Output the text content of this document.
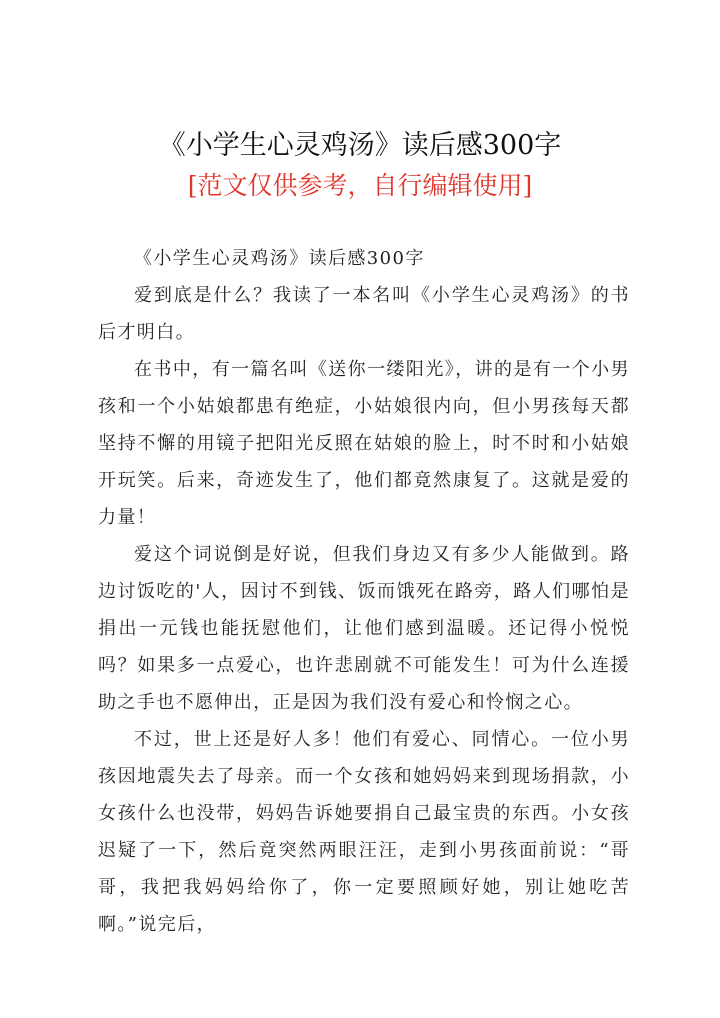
《小学生心灵鸡汤》读后感300字
[范文仅供参考，自行编辑使用]

《小学生心灵鸡汤》读后感300字

爱到底是什么？我读了一本名叫《小学生心灵鸡汤》的书后才明白。

在书中，有一篇名叫《送你一缕阳光》，讲的是有一个小男孩和一个小姑娘都患有绝症，小姑娘很内向，但小男孩每天都坚持不懈的用镜子把阳光反照在姑娘的脸上，时不时和小姑娘开玩笑。后来，奇迹发生了，他们都竟然康复了。这就是爱的力量！

爱这个词说倒是好说，但我们身边又有多少人能做到。路边讨饭吃的'人，因讨不到钱、饭而饿死在路旁，路人们哪怕是捐出一元钱也能抚慰他们，让他们感到温暖。还记得小悦悦吗？如果多一点爱心，也许悲剧就不可能发生！可为什么连援助之手也不愿伸出，正是因为我们没有爱心和怜悯之心。

不过，世上还是好人多！他们有爱心、同情心。一位小男孩因地震失去了母亲。而一个女孩和她妈妈来到现场捐款，小女孩什么也没带，妈妈告诉她要捐自己最宝贵的东西。小女孩迟疑了一下，然后竟突然两眼汪汪，走到小男孩面前说：“哥哥，我把我妈妈给你了，你一定要照顾好她，别让她吃苦啊。”说完后，
